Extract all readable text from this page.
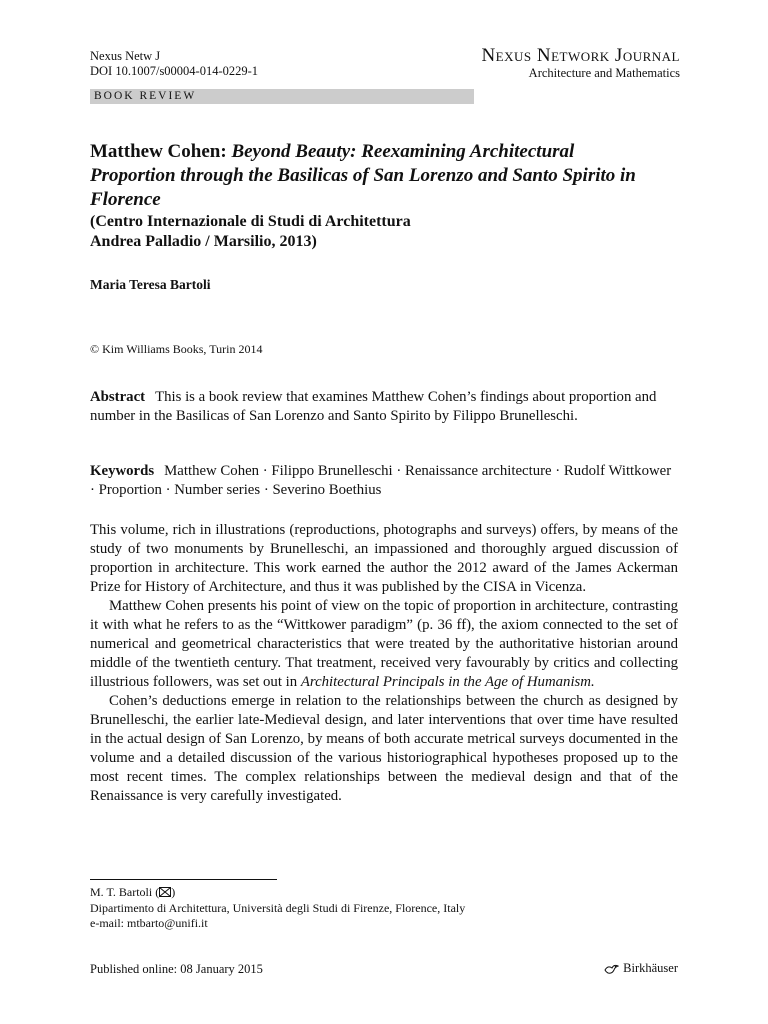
Nexus Netw J
DOI 10.1007/s00004-014-0229-1
Nexus Network Journal
Architecture and Mathematics
BOOK REVIEW
Matthew Cohen: Beyond Beauty: Reexamining Architectural Proportion through the Basilicas of San Lorenzo and Santo Spirito in Florence
(Centro Internazionale di Studi di Architettura
Andrea Palladio / Marsilio, 2013)
Maria Teresa Bartoli
© Kim Williams Books, Turin 2014
Abstract This is a book review that examines Matthew Cohen’s findings about proportion and number in the Basilicas of San Lorenzo and Santo Spirito by Filippo Brunelleschi.
Keywords Matthew Cohen · Filippo Brunelleschi · Renaissance architecture · Rudolf Wittkower · Proportion · Number series · Severino Boethius

This volume, rich in illustrations (reproductions, photographs and surveys) offers, by means of the study of two monuments by Brunelleschi, an impassioned and thoroughly argued discussion of proportion in architecture. This work earned the author the 2012 award of the James Ackerman Prize for History of Architecture, and thus it was published by the CISA in Vicenza.

Matthew Cohen presents his point of view on the topic of proportion in architecture, contrasting it with what he refers to as the “Wittkower paradigm” (p. 36 ff), the axiom connected to the set of numerical and geometrical characteristics that were treated by the authoritative historian around middle of the twentieth century. That treatment, received very favourably by critics and collecting illustrious followers, was set out in Architectural Principals in the Age of Humanism.

Cohen’s deductions emerge in relation to the relationships between the church as designed by Brunelleschi, the earlier late-Medieval design, and later interventions that over time have resulted in the actual design of San Lorenzo, by means of both accurate metrical surveys documented in the volume and a detailed discussion of the various historiographical hypotheses proposed up to the most recent times. The complex relationships between the medieval design and that of the Renaissance is very carefully investigated.

M. T. Bartoli ( )
Dipartimento di Architettura, Università degli Studi di Firenze, Florence, Italy
e-mail: mtbarto@unifi.it
Published online: 08 January 2015	Birkhäuser
